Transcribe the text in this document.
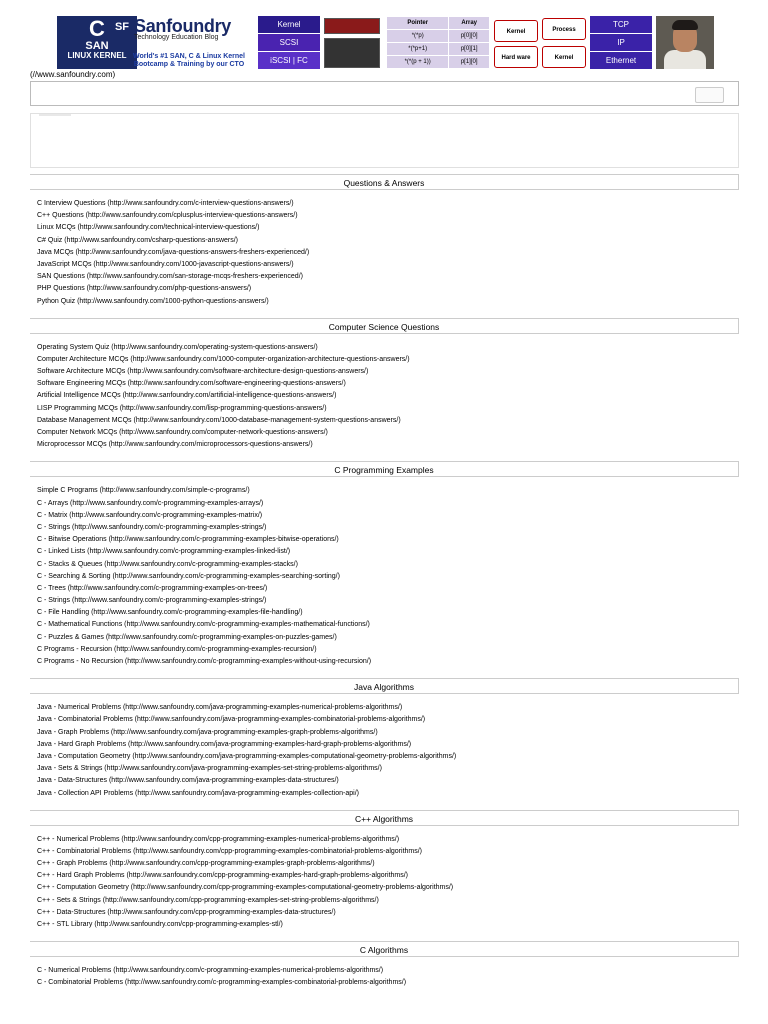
C
SAN
LINUX KERNEL
SF Sanfoundry
Technology Education Blog
World's #1 SAN, C & Linux Kernel Bootcamp & Training by our CTO
Kernel
SCSI
iSCSI | FC
Pointer	Array
*(*p)	p[0][0]
*(*p+1)	p[0][1]
*(*(p + 1))	p[1][0]
Kernel	Process
Hard ware	Kernel
TCP
IP
Ethernet
(//www.sanfoundry.com)
Questions & Answers
C Interview Questions (http://www.sanfoundry.com/c-interview-questions-answers/)
C++ Questions (http://www.sanfoundry.com/cplusplus-interview-questions-answers/)
Linux MCQs (http://www.sanfoundry.com/technical-interview-questions/)
C# Quiz (http://www.sanfoundry.com/csharp-questions-answers/)
Java MCQs (http://www.sanfoundry.com/java-questions-answers-freshers-experienced/)
JavaScript MCQs (http://www.sanfoundry.com/1000-javascript-questions-answers/)
SAN Questions (http://www.sanfoundry.com/san-storage-mcqs-freshers-experienced/)
PHP Questions (http://www.sanfoundry.com/php-questions-answers/)
Python Quiz (http://www.sanfoundry.com/1000-python-questions-answers/)
Computer Science Questions
Operating System Quiz (http://www.sanfoundry.com/operating-system-questions-answers/)
Computer Architecture MCQs (http://www.sanfoundry.com/1000-computer-organization-architecture-questions-answers/)
Software Architecture MCQs (http://www.sanfoundry.com/software-architecture-design-questions-answers/)
Software Engineering MCQs (http://www.sanfoundry.com/software-engineering-questions-answers/)
Artificial Intelligence MCQs (http://www.sanfoundry.com/artificial-intelligence-questions-answers/)
LISP Programming MCQs (http://www.sanfoundry.com/lisp-programming-questions-answers/)
Database Management MCQs (http://www.sanfoundry.com/1000-database-management-system-questions-answers/)
Computer Network MCQs (http://www.sanfoundry.com/computer-network-questions-answers/)
Microprocessor MCQs (http://www.sanfoundry.com/microprocessors-questions-answers/)
C Programming Examples
Simple C Programs (http://www.sanfoundry.com/simple-c-programs/)
C - Arrays (http://www.sanfoundry.com/c-programming-examples-arrays/)
C - Matrix (http://www.sanfoundry.com/c-programming-examples-matrix/)
C - Strings (http://www.sanfoundry.com/c-programming-examples-strings/)
C - Bitwise Operations (http://www.sanfoundry.com/c-programming-examples-bitwise-operations/)
C - Linked Lists (http://www.sanfoundry.com/c-programming-examples-linked-list/)
C - Stacks & Queues (http://www.sanfoundry.com/c-programming-examples-stacks/)
C - Searching & Sorting (http://www.sanfoundry.com/c-programming-examples-searching-sorting/)
C - Trees (http://www.sanfoundry.com/c-programming-examples-on-trees/)
C - Strings (http://www.sanfoundry.com/c-programming-examples-strings/)
C - File Handling (http://www.sanfoundry.com/c-programming-examples-file-handling/)
C - Mathematical Functions (http://www.sanfoundry.com/c-programming-examples-mathematical-functions/)
C - Puzzles & Games (http://www.sanfoundry.com/c-programming-examples-on-puzzles-games/)
C Programs - Recursion (http://www.sanfoundry.com/c-programming-examples-recursion/)
C Programs - No Recursion (http://www.sanfoundry.com/c-programming-examples-without-using-recursion/)
Java Algorithms
Java - Numerical Problems (http://www.sanfoundry.com/java-programming-examples-numerical-problems-algorithms/)
Java - Combinatorial Problems (http://www.sanfoundry.com/java-programming-examples-combinatorial-problems-algorithms/)
Java - Graph Problems (http://www.sanfoundry.com/java-programming-examples-graph-problems-algorithms/)
Java - Hard Graph Problems (http://www.sanfoundry.com/java-programming-examples-hard-graph-problems-algorithms/)
Java - Computation Geometry (http://www.sanfoundry.com/java-programming-examples-computational-geometry-problems-algorithms/)
Java - Sets & Strings (http://www.sanfoundry.com/java-programming-examples-set-string-problems-algorithms/)
Java - Data-Structures (http://www.sanfoundry.com/java-programming-examples-data-structures/)
Java - Collection API Problems (http://www.sanfoundry.com/java-programming-examples-collection-api/)
C++ Algorithms
C++ - Numerical Problems (http://www.sanfoundry.com/cpp-programming-examples-numerical-problems-algorithms/)
C++ - Combinatorial Problems (http://www.sanfoundry.com/cpp-programming-examples-combinatorial-problems-algorithms/)
C++ - Graph Problems (http://www.sanfoundry.com/cpp-programming-examples-graph-problems-algorithms/)
C++ - Hard Graph Problems (http://www.sanfoundry.com/cpp-programming-examples-hard-graph-problems-algorithms/)
C++ - Computation Geometry (http://www.sanfoundry.com/cpp-programming-examples-computational-geometry-problems-algorithms/)
C++ - Sets & Strings (http://www.sanfoundry.com/cpp-programming-examples-set-string-problems-algorithms/)
C++ - Data-Structures (http://www.sanfoundry.com/cpp-programming-examples-data-structures/)
C++ - STL Library (http://www.sanfoundry.com/cpp-programming-examples-stl/)
C Algorithms
C - Numerical Problems (http://www.sanfoundry.com/c-programming-examples-numerical-problems-algorithms/)
C - Combinatorial Problems (http://www.sanfoundry.com/c-programming-examples-combinatorial-problems-algorithms/)
